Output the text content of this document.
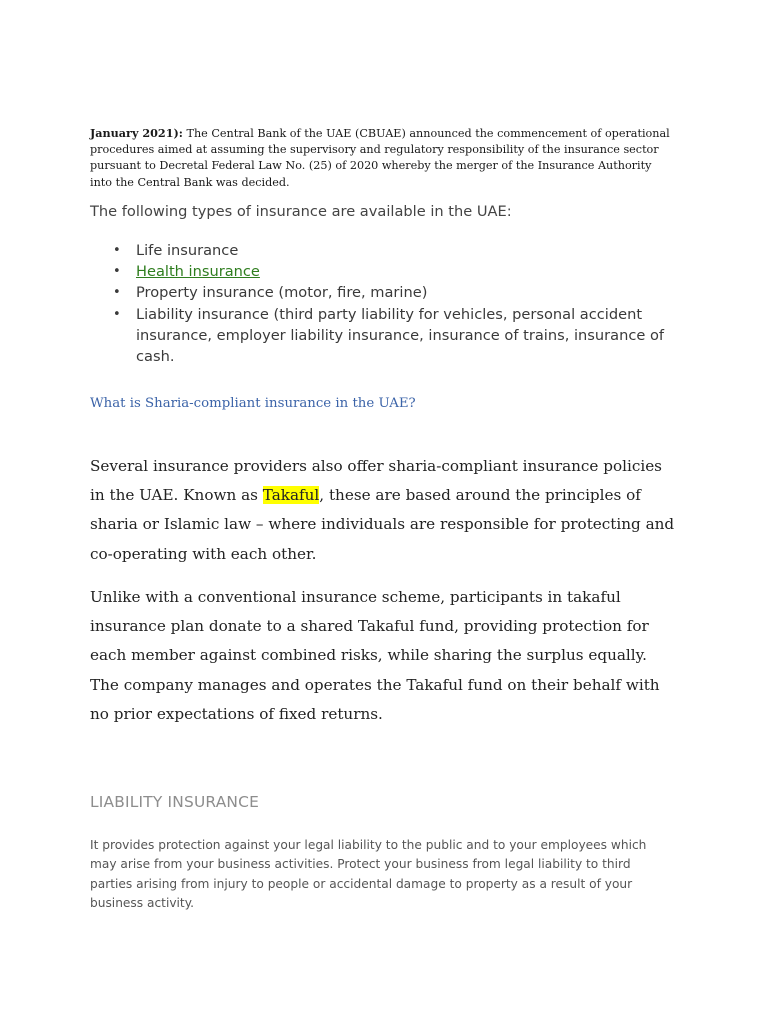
January 2021): The Central Bank of the UAE (CBUAE) announced the commencement of operational procedures aimed at assuming the supervisory and regulatory responsibility of the insurance sector pursuant to Decretal Federal Law No. (25) of 2020 whereby the merger of the Insurance Authority into the Central Bank was decided.

The following types of insurance are available in the UAE:

• Life insurance
• Health insurance
• Property insurance (motor, fire, marine)
• Liability insurance (third party liability for vehicles, personal accident insurance, employer liability insurance, insurance of trains, insurance of cash.
What is Sharia-compliant insurance in the UAE?

Several insurance providers also offer sharia-compliant insurance policies in the UAE. Known as Takaful, these are based around the principles of sharia or Islamic law – where individuals are responsible for protecting and co-operating with each other.

Unlike with a conventional insurance scheme, participants in takaful insurance plan donate to a shared Takaful fund, providing protection for each member against combined risks, while sharing the surplus equally. The company manages and operates the Takaful fund on their behalf with no prior expectations of fixed returns.

LIABILITY INSURANCE

It provides protection against your legal liability to the public and to your employees which may arise from your business activities. Protect your business from legal liability to third parties arising from injury to people or accidental damage to property as a result of your business activity.
